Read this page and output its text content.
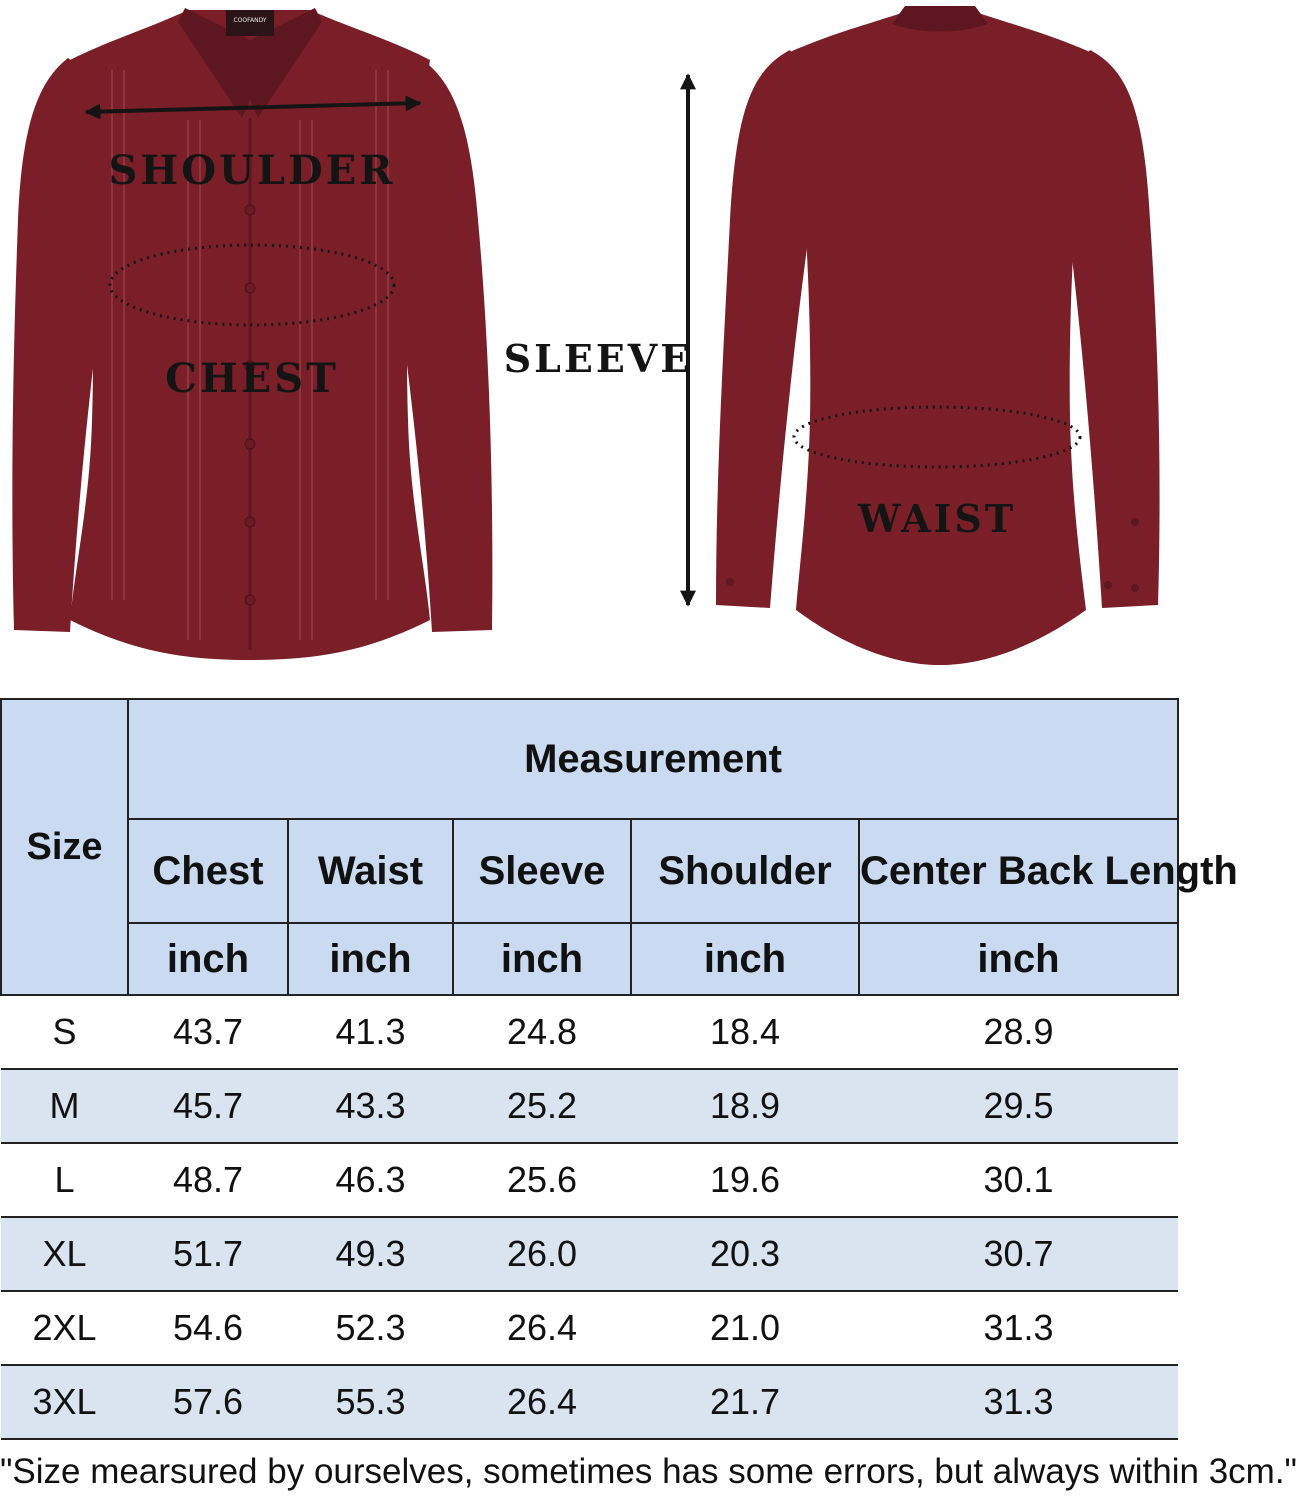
COOFANDY
SHOULDER
CHEST	SLEEVE
WAIST
Size	Measurement				
	Chest	Waist	Sleeve	Shoulder	Center Back Length
	inch	inch	inch	inch	inch
S	43.7	41.3	24.8	18.4	28.9
M	45.7	43.3	25.2	18.9	29.5
L	48.7	46.3	25.6	19.6	30.1
XL	51.7	49.3	26.0	20.3	30.7
2XL	54.6	52.3	26.4	21.0	31.3
3XL	57.6	55.3	26.4	21.7	31.3
"Size mearsured by ourselves, sometimes has some errors, but always within 3cm."
